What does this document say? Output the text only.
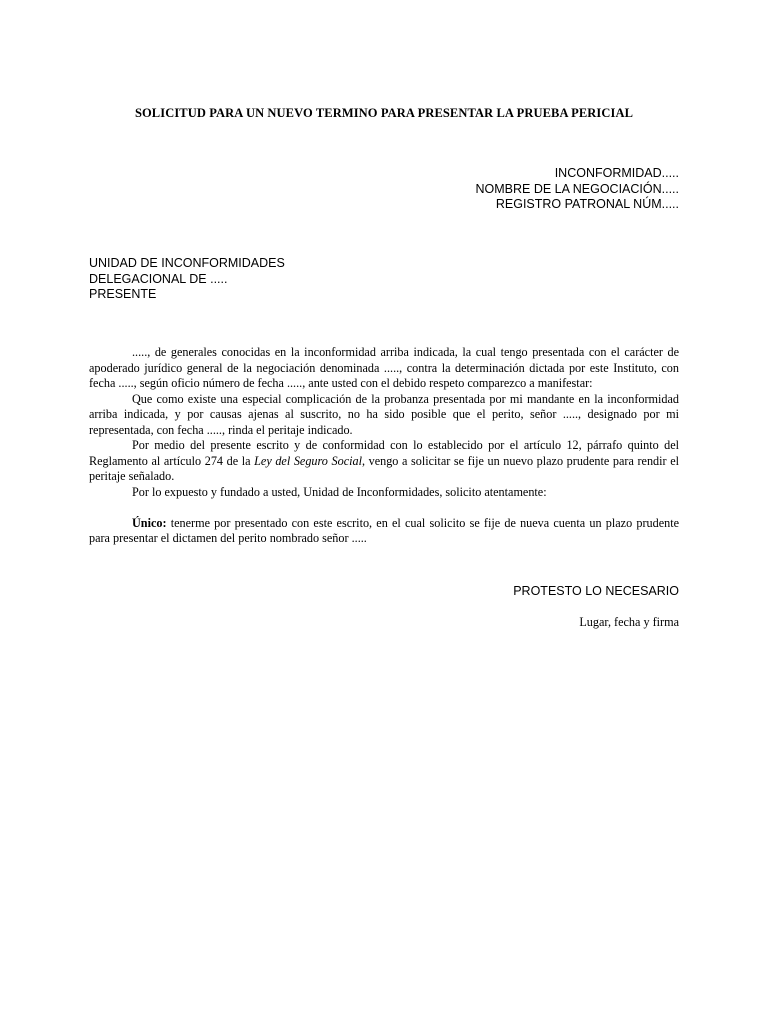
SOLICITUD PARA UN NUEVO TERMINO PARA PRESENTAR LA PRUEBA PERICIAL
INCONFORMIDAD.....
NOMBRE DE LA NEGOCIACIÓN.....
REGISTRO PATRONAL NÚM.....
UNIDAD DE INCONFORMIDADES
DELEGACIONAL DE .....
PRESENTE

....., de generales conocidas en la inconformidad arriba indicada, la cual tengo presentada con el carácter de apoderado jurídico general de la negociación denominada ....., contra la determinación dictada por este Instituto, con fecha ....., según oficio número de fecha ....., ante usted con el debido respeto comparezco a manifestar:

Que como existe una especial complicación de la probanza presentada por mi mandante en la inconformidad arriba indicada, y por causas ajenas al suscrito, no ha sido posible que el perito, señor ....., designado por mi representada, con fecha ....., rinda el peritaje indicado.

Por medio del presente escrito y de conformidad con lo establecido por el artículo 12, párrafo quinto del Reglamento al artículo 274 de la Ley del Seguro Social, vengo a solicitar se fije un nuevo plazo prudente para rendir el peritaje señalado.

Por lo expuesto y fundado a usted, Unidad de Inconformidades, solicito atentamente:

Único: tenerme por presentado con este escrito, en el cual solicito se fije de nueva cuenta un plazo prudente para presentar el dictamen del perito nombrado señor .....

PROTESTO LO NECESARIO
Lugar, fecha y firma
